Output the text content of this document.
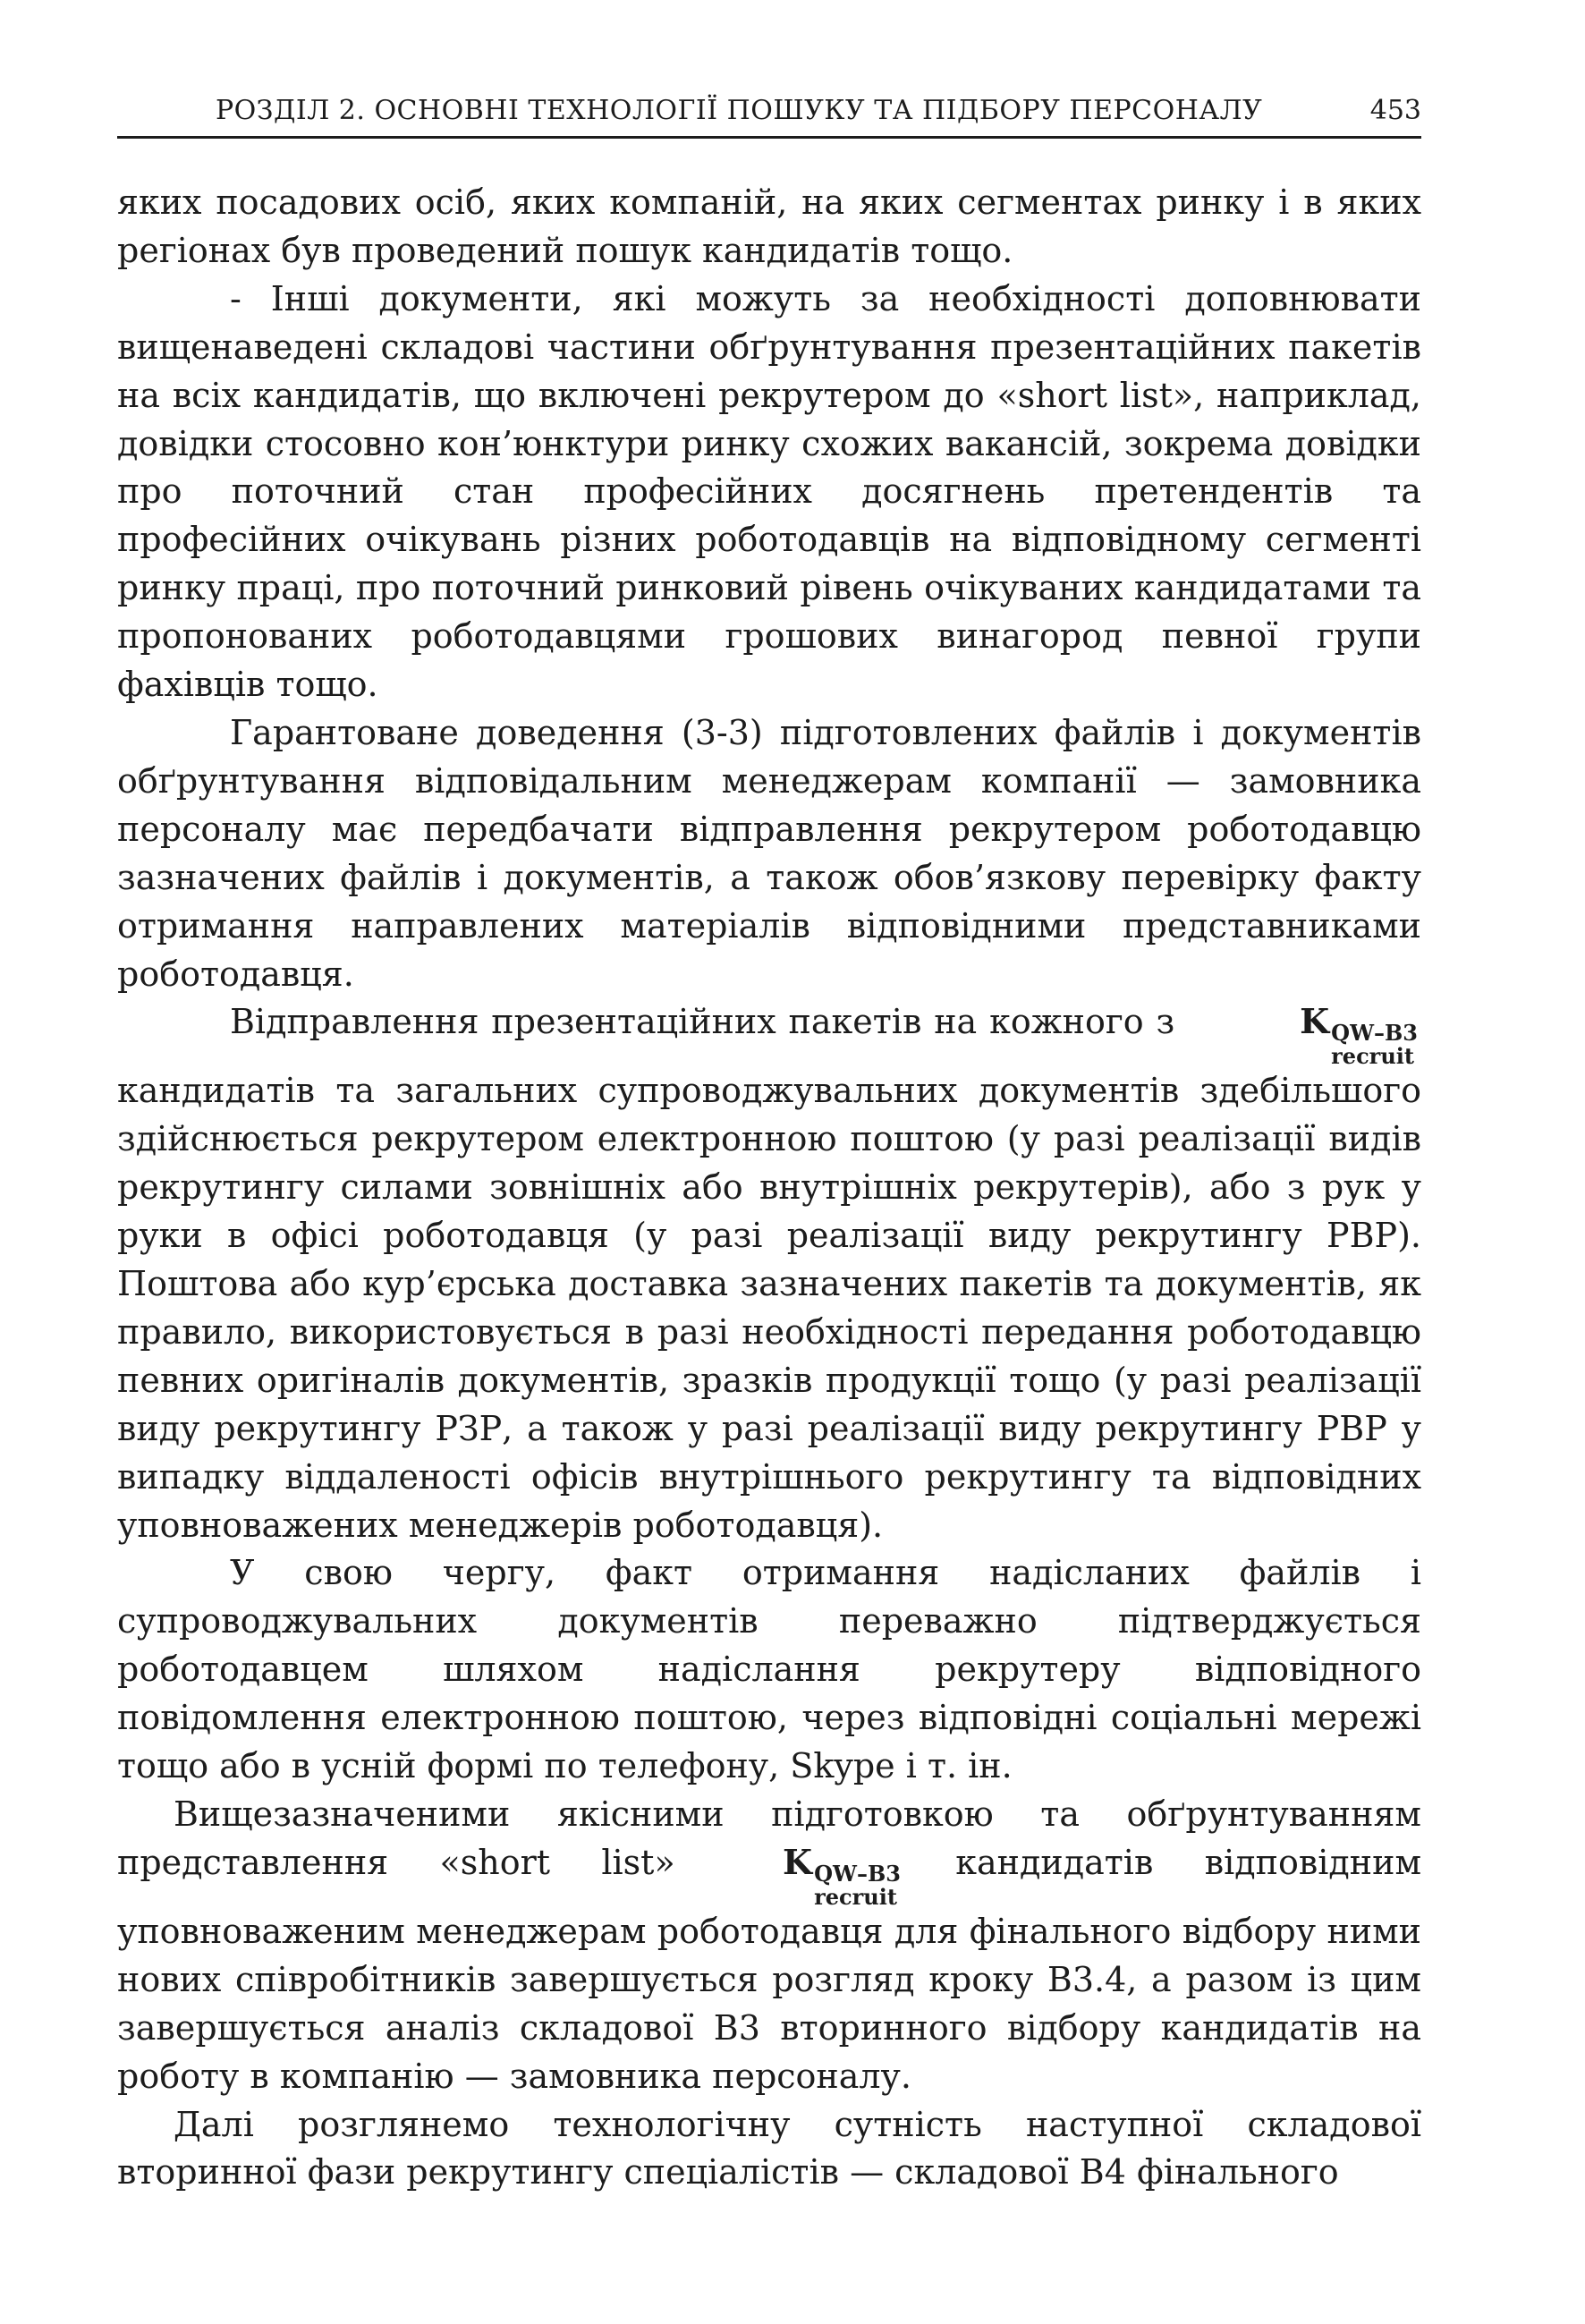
РОЗДІЛ 2. ОСНОВНІ ТЕХНОЛОГІЇ ПОШУКУ ТА ПІДБОРУ ПЕРСОНАЛУ	453

яких посадових осіб, яких компаній, на яких сегментах ринку і в яких регіонах був проведений пошук кандидатів тощо.

- Інші документи, які можуть за необхідності доповнювати вищенаведені складові частини обґрунтування презентаційних пакетів на всіх кандидатів, що включені рекрутером до «short list», наприклад, довідки стосовно кон’юнктури ринку схожих вакансій, зокрема довідки про поточний стан професійних досягнень претендентів та професійних очікувань різних роботодавців на відповідному сегменті ринку праці, про поточний ринковий рівень очікуваних кандидатами та пропонованих роботодавцями грошових винагород певної групи фахівців тощо.

Гарантоване доведення (3-3) підготовлених файлів і документів обґрунтування відповідальним менеджерам компанії — замовника персоналу має передбачати відправлення рекрутером роботодавцю зазначених файлів і документів, а також обов’язкову перевірку факту отримання направлених матеріалів відповідними представниками роботодавця.

Відправлення презентаційних пакетів на кожного з	K QW–B3
recruit
кандидатів та загальних супроводжувальних документів здебільшого здійснюється рекрутером електронною поштою (у разі реалізації видів рекрутингу силами зовнішніх або внутрішніх рекрутерів), або з рук у руки в офісі роботодавця (у разі реалізації виду рекрутингу PBP). Поштова або кур’єрська доставка зазначених пакетів та документів, як правило, використовується в разі необхідності передання роботодавцю певних оригіналів документів, зразків продукції тощо (у разі реалізації виду рекрутингу РЗР, а також у разі реалізації виду рекрутингу PBP у випадку віддаленості офісів внутрішнього рекрутингу та відповідних уповноважених менеджерів роботодавця).

У свою чергу, факт отримання надісланих файлів і супроводжувальних документів переважно підтверджується роботодавцем шляхом надіслання рекрутеру відповідного повідомлення електронною поштою, через відповідні соціальні мережі тощо або в усній формі по телефону, Skype і т. ін.

Вищезазначеними якісними підготовкою та обґрунтуванням представлення «short list» K QW–B3
recruit
кандидатів відповідним уповноваженим менеджерам роботодавця для фінального відбору ними нових співробітників завершується розгляд кроку B3.4, а разом із цим завершується аналіз складової B3 вторинного відбору кандидатів на роботу в компанію — замовника персоналу.

Далі розглянемо технологічну сутність наступної складової вторинної фази рекрутингу спеціалістів — складової B4 фінального
